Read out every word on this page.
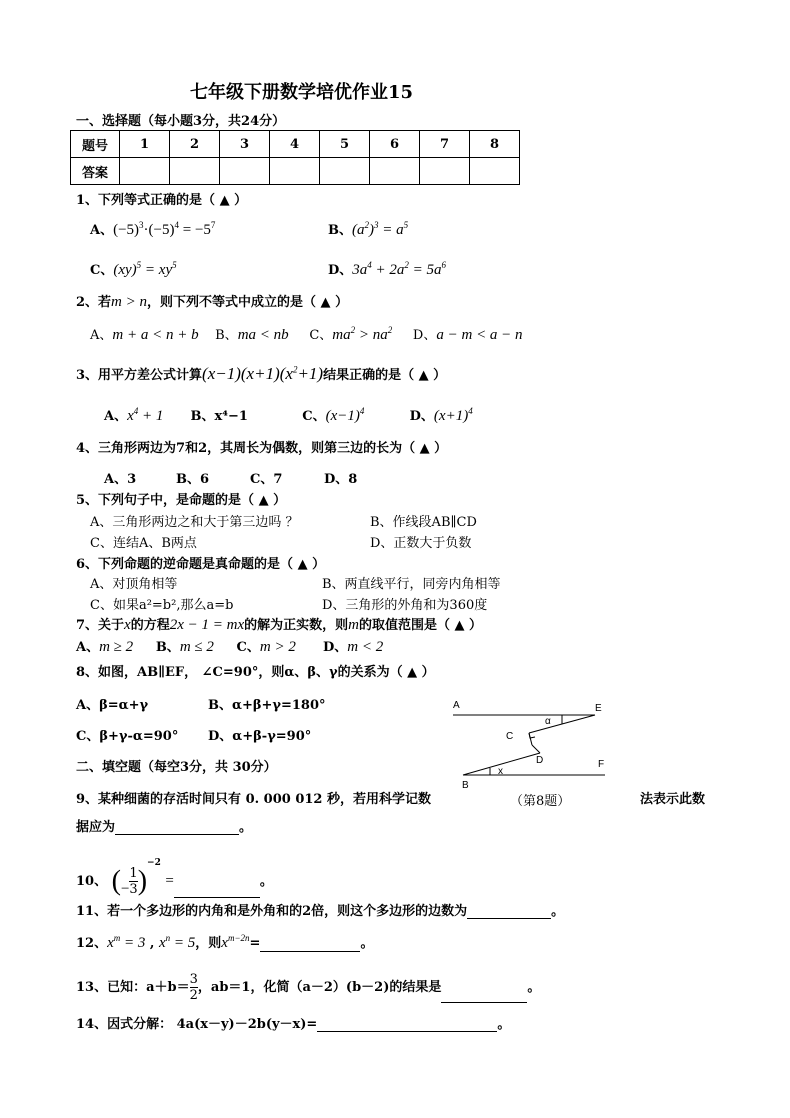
七年级下册数学培优作业15
一、选择题（每小题3分，共24分）
题号	1	2	3	4	5	6	7	8
答案								
1、下列等式正确的是（ ▲ ）
A、$(-5)^3\cdot(-5)^4 = -5^7$	B、$(a^2)^3 = a^5$
C、$(xy)^5 = xy^5$	D、$3a^4 + 2a^2 = 5a^6$
2、若m > n，则下列不等式中成立的是（ ▲ ）
A、m + a < n + b B、ma < nb C、$ma^2 > na^2$ D、a − m < a − n
3、用平方差公式计算$(x-1)(x+1)(x^2+1)$结果正确的是（ ▲ ）
A、$x^4 + 1$ B、x⁴−1	C、$(x-1)^4$	D、$(x+1)^4$
4、三角形两边为7和2，其周长为偶数，则第三边的长为（ ▲ ）
A、3	B、6	C、7	D、8
5、下列句子中，是命题的是（ ▲ ）
A、三角形两边之和大于第三边吗 ？	B、作线段AB∥CD
C、连结A、B两点	D、正数大于负数
6、下列命题的逆命题是真命题的是（ ▲ ）
A、对顶角相等	B、两直线平行，同旁内角相等
C、如果a²=b²,那么a=b	D、三角形的外角和为360度
7、关于x的方程2x − 1 = mx的解为正实数，则m的取值范围是（ ▲ ）
A、m ≥ 2 B、m ≤ 2 C、m > 2 D、m < 2
8、如图，AB∥EF， ∠C=90°，则α、β、γ的关系为（ ▲ ）
A、β=α+γ	B、α+β+γ=180°
C、β+γ-α=90° D、α+β-γ=90°
A	E
C
D	F
B
α
x
二、填空题（每空3分，共 30分）
9、某种细菌的存活时间只有 0. 000 012 秒，若用科学记数	（第8题）	法表示此数
据应为	。
10、 (− $\frac{1}{3} )^{-2}$ =	。
11、若一个多边形的内角和是外角和的2倍，则这个多边形的边数为	。
12、$x^m = 3$ , $x^n = 5$，则$x^{m-2n}=$	。
13、已知：$a+b= \frac{3}{2}$ ，ab＝1，化简（a－2）(b－2)的结果是	。
14、因式分解： 4a(x－y)－2b(y－x)=	。
